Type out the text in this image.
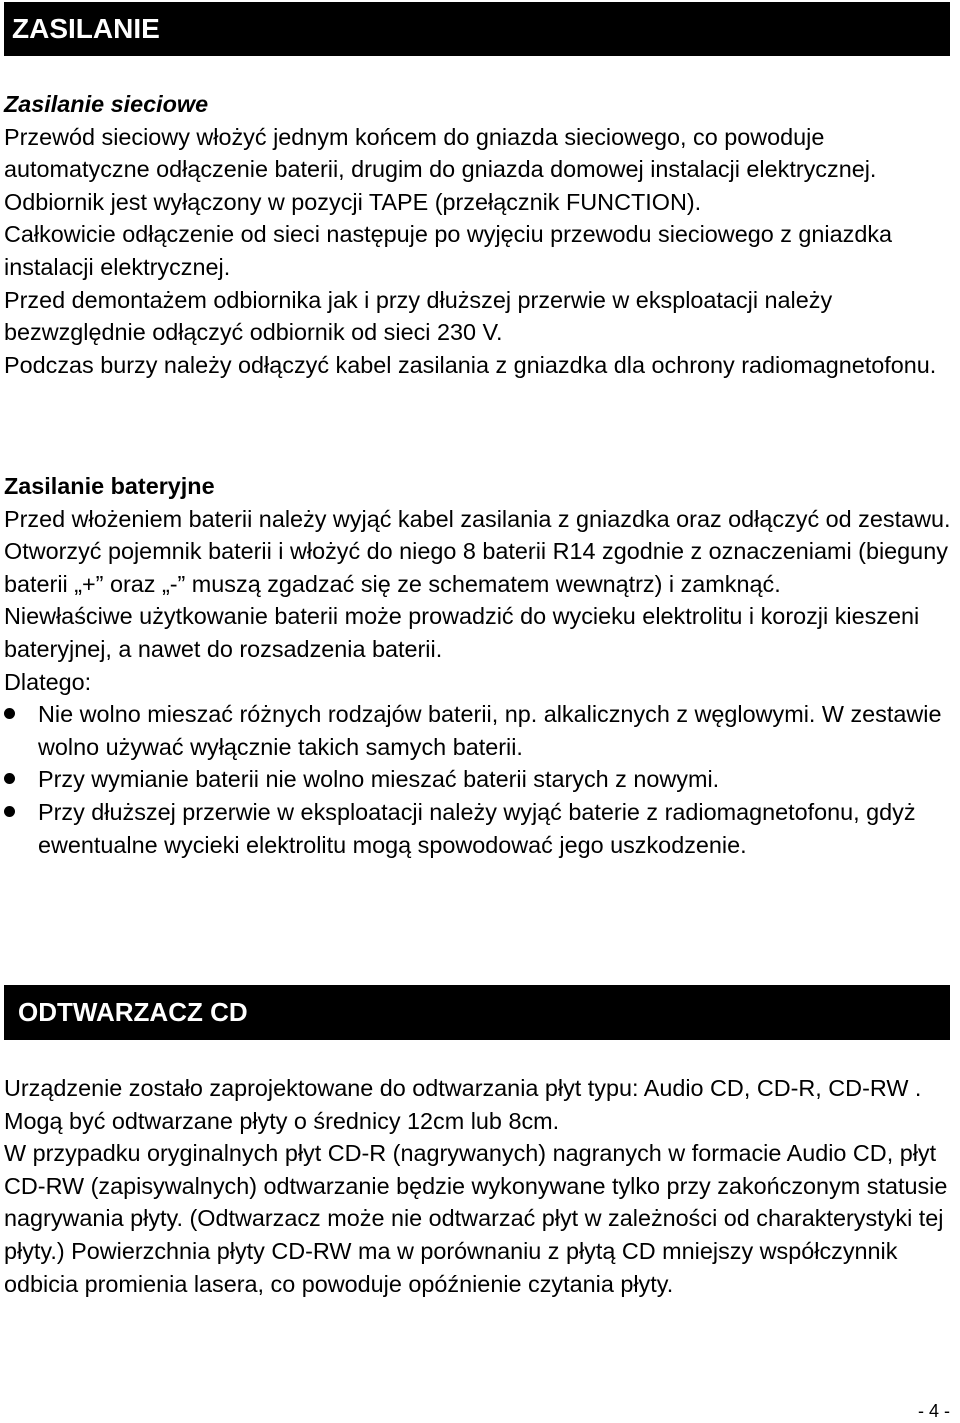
ZASILANIE
Zasilanie sieciowe

Przewód sieciowy włożyć jednym końcem do gniazda sieciowego, co powoduje automatyczne odłączenie baterii, drugim do gniazda domowej instalacji elektrycznej.

Odbiornik jest wyłączony w pozycji TAPE (przełącznik FUNCTION).

Całkowicie odłączenie od sieci następuje po wyjęciu przewodu sieciowego z gniazdka instalacji elektrycznej.

Przed demontażem odbiornika jak i przy dłuższej przerwie w eksploatacji należy bezwzględnie odłączyć odbiornik od sieci 230 V.

Podczas burzy należy odłączyć kabel zasilania z gniazdka dla ochrony radiomagnetofonu.

Zasilanie bateryjne

Przed włożeniem baterii należy wyjąć kabel zasilania z gniazdka oraz odłączyć od zestawu.

Otworzyć pojemnik baterii i włożyć do niego 8 baterii R14 zgodnie z oznaczeniami (bieguny baterii „+” oraz „-” muszą zgadzać się ze schematem wewnątrz) i zamknąć.

Niewłaściwe użytkowanie baterii może prowadzić do wycieku elektrolitu i korozji kieszeni bateryjnej, a nawet do rozsadzenia baterii.

Dlatego:

Nie wolno mieszać różnych rodzajów baterii, np. alkalicznych z węglowymi. W zestawie wolno używać wyłącznie takich samych baterii.
Przy wymianie baterii nie wolno mieszać baterii starych z nowymi.
Przy dłuższej przerwie w eksploatacji należy wyjąć baterie z radiomagnetofonu, gdyż ewentualne wycieki elektrolitu mogą spowodować jego uszkodzenie.
ODTWARZACZ CD

Urządzenie zostało zaprojektowane do odtwarzania płyt typu: Audio CD, CD-R, CD-RW .

Mogą być odtwarzane płyty o średnicy 12cm lub 8cm.

W przypadku oryginalnych płyt CD-R (nagrywanych) nagranych w formacie Audio CD, płyt CD-RW (zapisywalnych) odtwarzanie będzie wykonywane tylko przy zakończonym statusie nagrywania płyty. (Odtwarzacz może nie odtwarzać płyt w zależności od charakterystyki tej płyty.) Powierzchnia płyty CD-RW ma w porównaniu z płytą CD mniejszy współczynnik odbicia promienia lasera, co powoduje opóźnienie czytania płyty.

- 4 -
